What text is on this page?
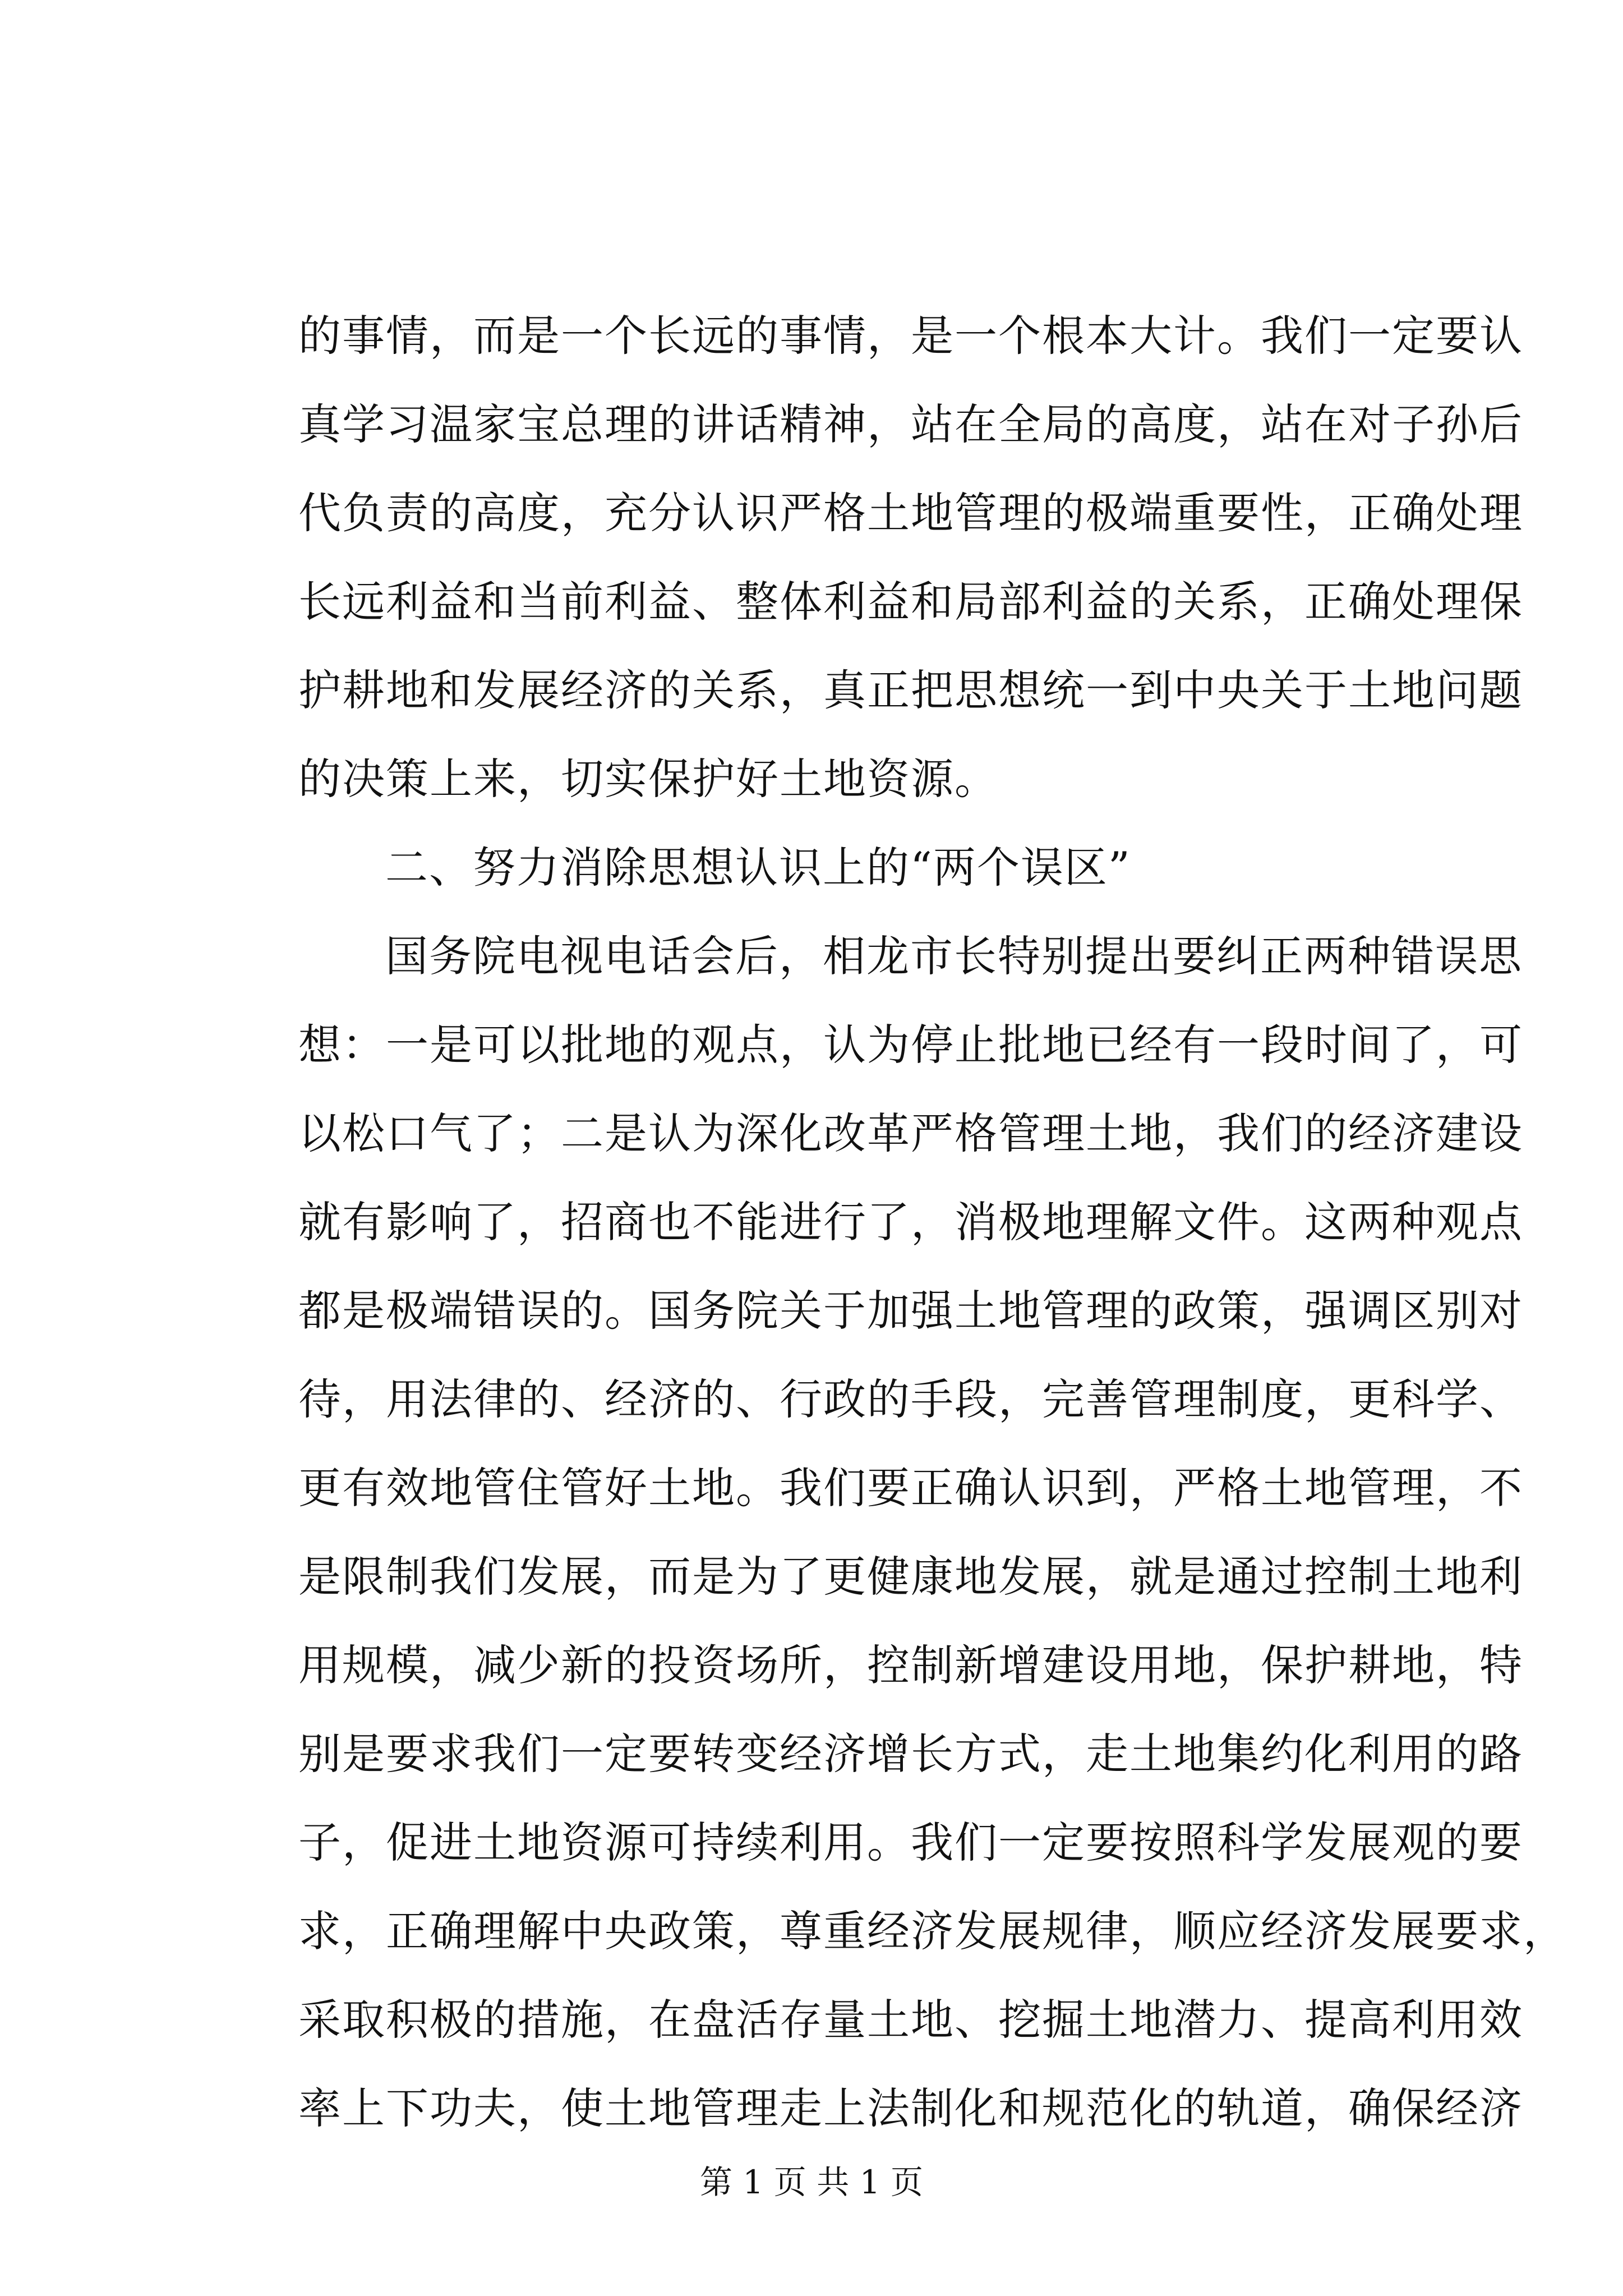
的事情，而是一个长远的事情，是一个根本大计。我们一定要认
真学习温家宝总理的讲话精神，站在全局的高度，站在对子孙后
代负责的高度，充分认识严格土地管理的极端重要性，正确处理
长远利益和当前利益、整体利益和局部利益的关系，正确处理保
护耕地和发展经济的关系，真正把思想统一到中央关于土地问题
的决策上来，切实保护好土地资源。
二、努力消除思想认识上的“两个误区”
国务院电视电话会后，相龙市长特别提出要纠正两种错误思
想：一是可以批地的观点，认为停止批地已经有一段时间了，可
以松口气了；二是认为深化改革严格管理土地，我们的经济建设
就有影响了，招商也不能进行了，消极地理解文件。这两种观点
都是极端错误的。国务院关于加强土地管理的政策，强调区别对
待，用法律的、经济的、行政的手段，完善管理制度，更科学、
更有效地管住管好土地。我们要正确认识到，严格土地管理，不
是限制我们发展，而是为了更健康地发展，就是通过控制土地利
用规模，减少新的投资场所，控制新增建设用地，保护耕地，特
别是要求我们一定要转变经济增长方式，走土地集约化利用的路
子，促进土地资源可持续利用。我们一定要按照科学发展观的要
求，正确理解中央政策，尊重经济发展规律，顺应经济发展要求，
采取积极的措施，在盘活存量土地、挖掘土地潜力、提高利用效
率上下功夫，使土地管理走上法制化和规范化的轨道，确保经济
第 1 页 共 1 页
